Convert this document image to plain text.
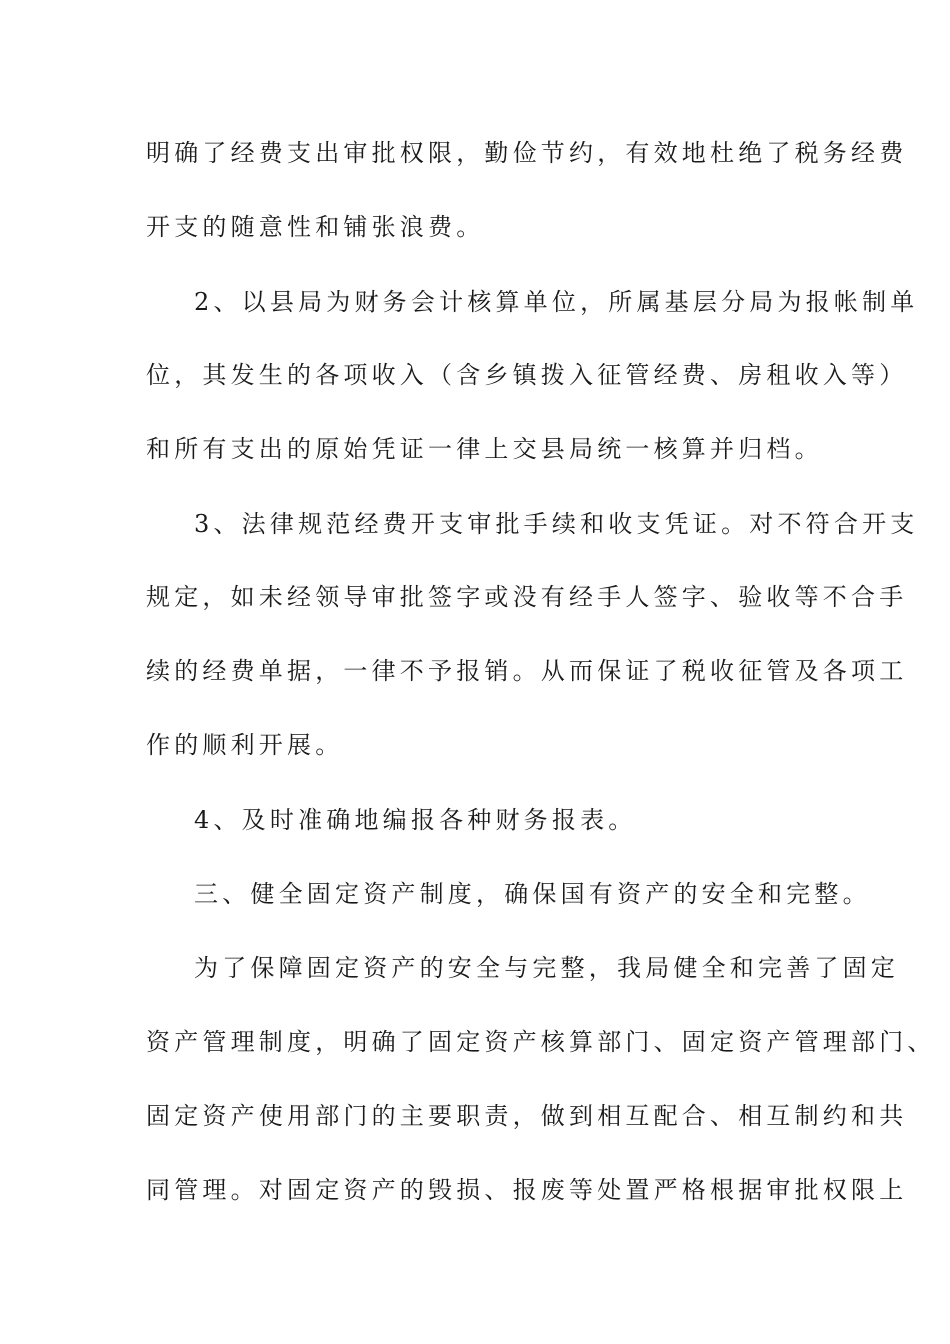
明确了经费支出审批权限，勤俭节约，有效地杜绝了税务经费
开支的随意性和铺张浪费。
2、以县局为财务会计核算单位，所属基层分局为报帐制单
位，其发生的各项收入（含乡镇拨入征管经费、房租收入等）
和所有支出的原始凭证一律上交县局统一核算并归档。
3、法律规范经费开支审批手续和收支凭证。对不符合开支
规定，如未经领导审批签字或没有经手人签字、验收等不合手
续的经费单据，一律不予报销。从而保证了税收征管及各项工
作的顺利开展。
4、及时准确地编报各种财务报表。
三、健全固定资产制度，确保国有资产的安全和完整。
为了保障固定资产的安全与完整，我局健全和完善了固定
资产管理制度，明确了固定资产核算部门、固定资产管理部门、
固定资产使用部门的主要职责，做到相互配合、相互制约和共
同管理。对固定资产的毁损、报废等处置严格根据审批权限上
